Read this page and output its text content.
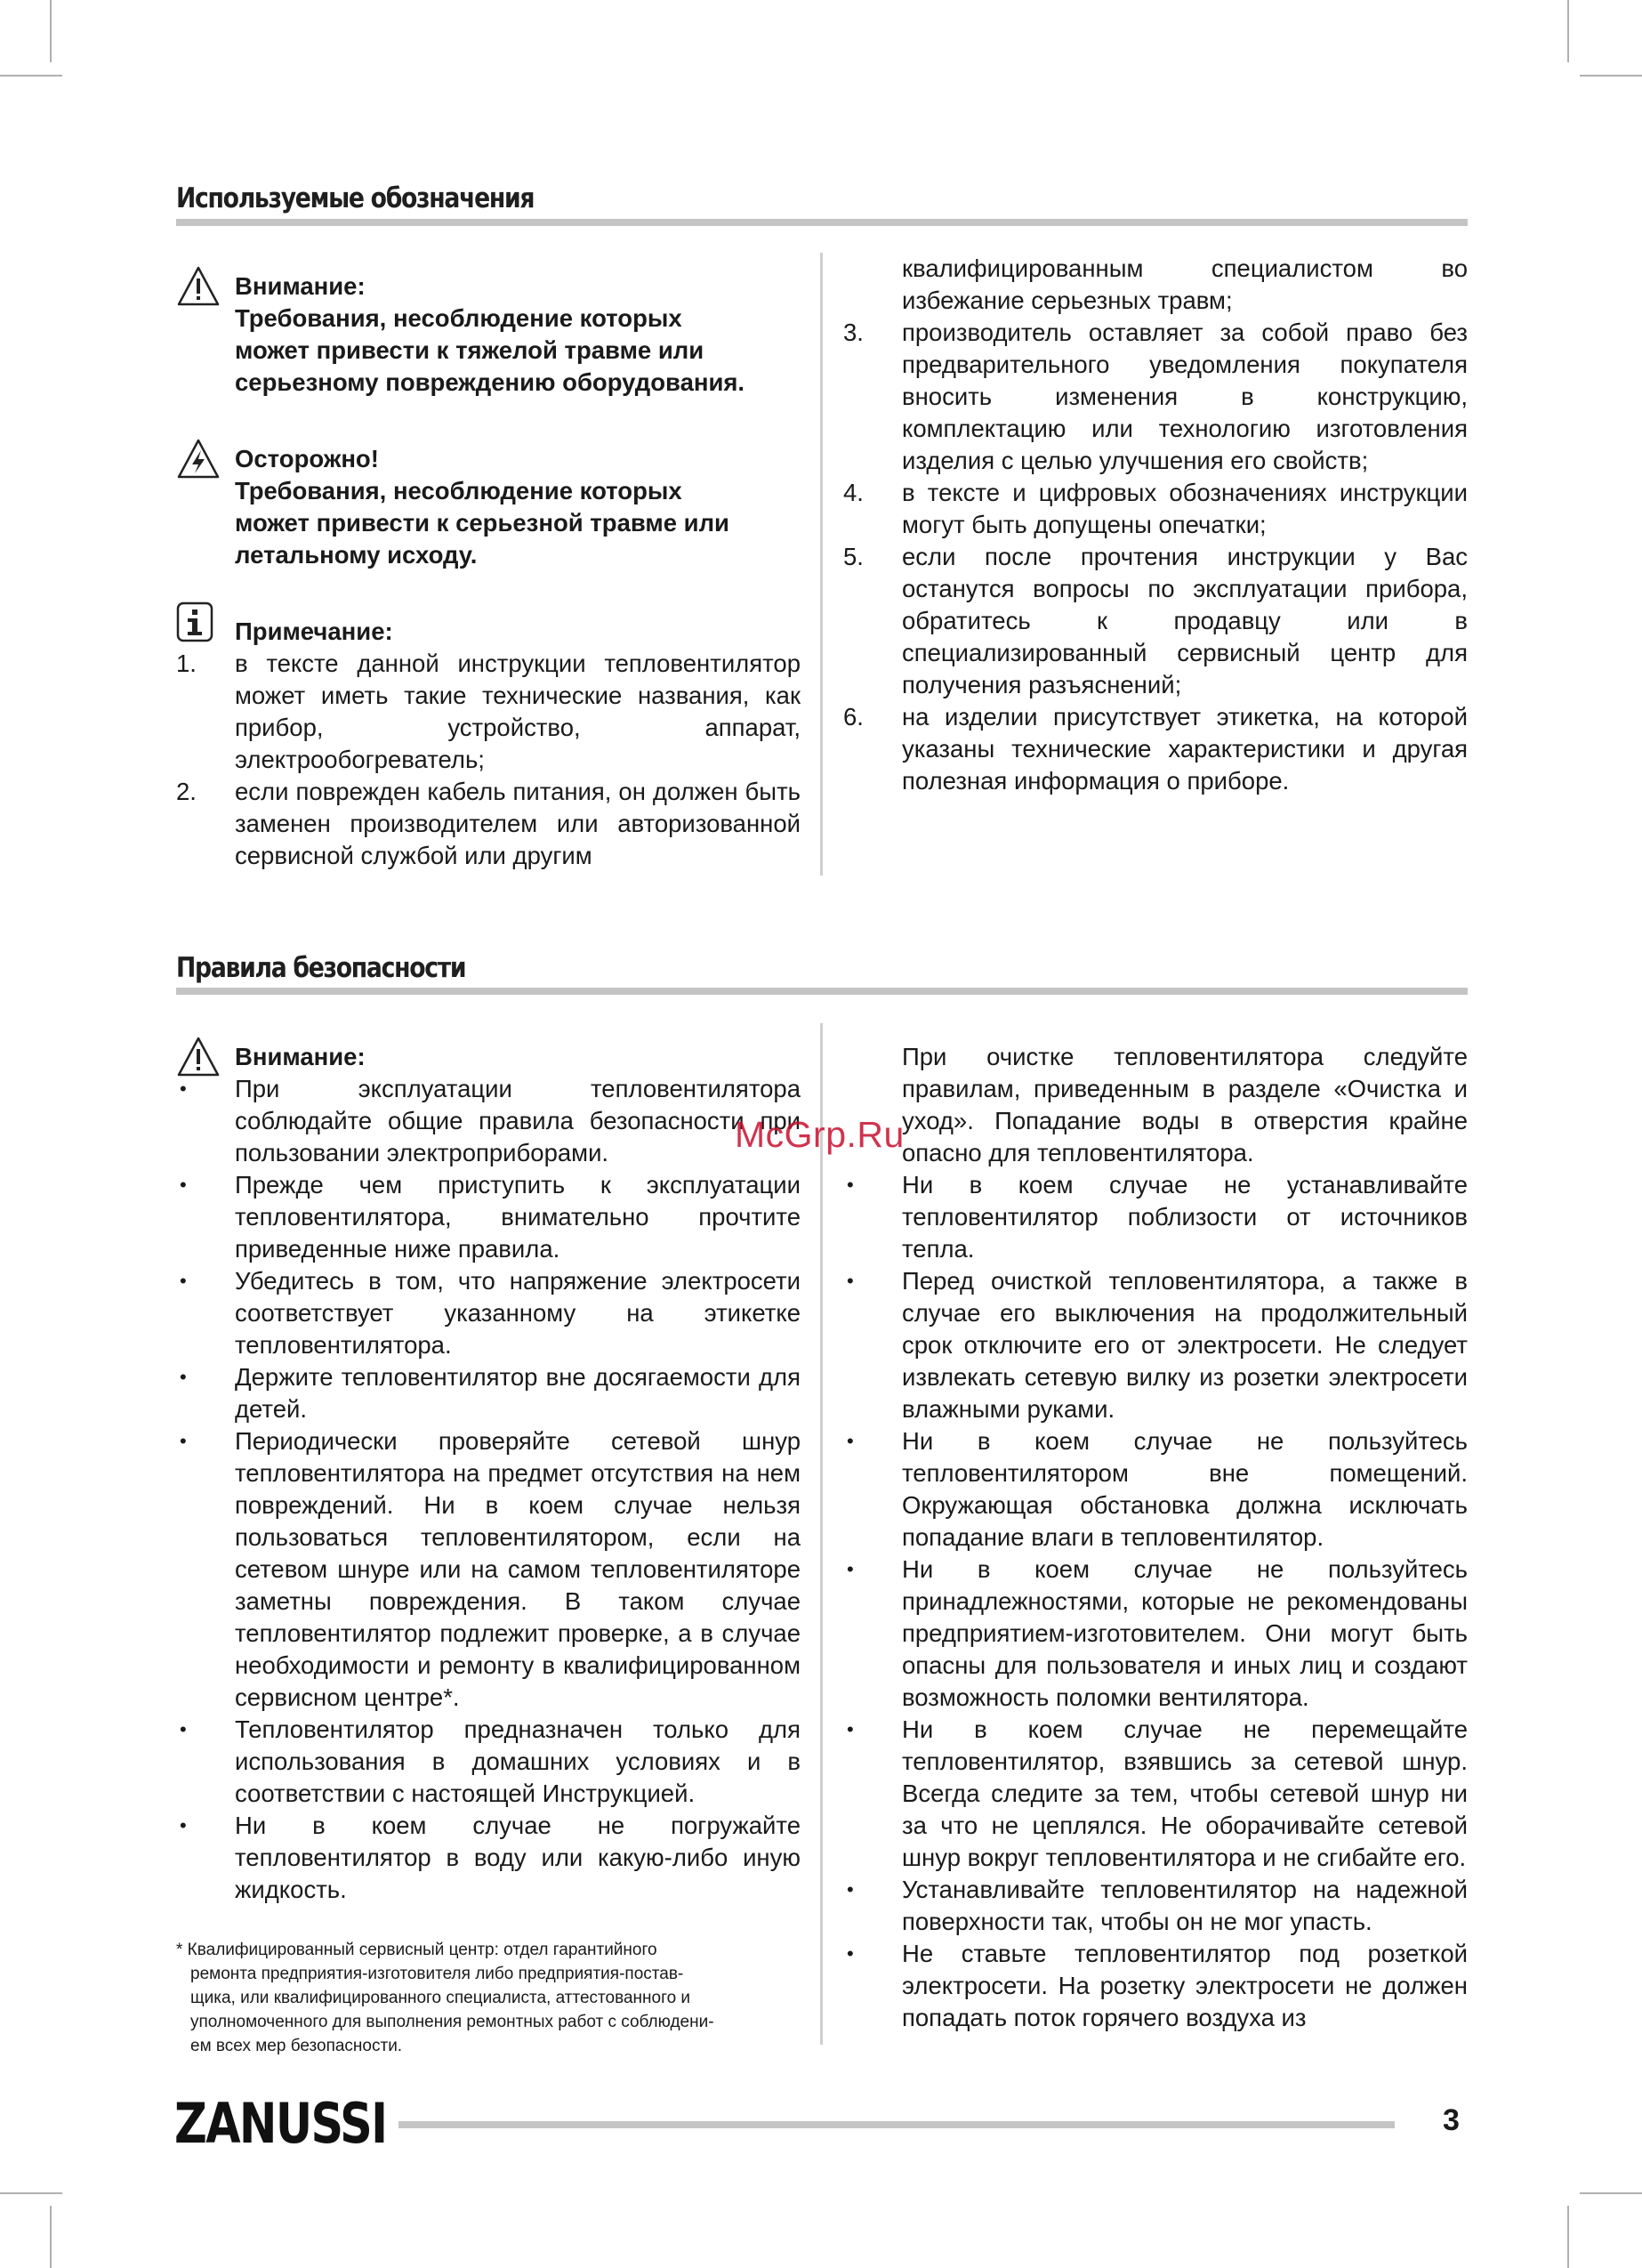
Используемые обозначения

Внимание:

Требования, несоблюдение которых

может привести к тяжелой травме или

серьезному повреждению оборудования.

Осторожно!

Требования, несоблюдение которых

может привести к серьезной травме или

летальному исходу.

Примечание:

1. в тексте данной инструкции тепловентилятор может иметь такие технические названия, как прибор, устройство, аппарат, электрообогреватель;
2. если поврежден кабель питания, он должен быть заменен производителем или авторизованной сервисной службой или другим

квалифицированным специалистом во избежание серьезных травм;

3. производитель оставляет за собой право без предварительного уведомления покупателя вносить изменения в конструкцию, комплектацию или технологию изготовления изделия с целью улучшения его свойств;
4. в тексте и цифровых обозначениях инструкции могут быть допущены опечатки;
5. если после прочтения инструкции у Вас останутся вопросы по эксплуатации прибора, обратитесь к продавцу или в специализированный сервисный центр для получения разъяснений;
6. на изделии присутствует этикетка, на которой указаны технические характеристики и другая полезная информация о приборе.
Правила безопасности

Внимание:

• При эксплуатации тепловентилятора соблюдайте общие правила безопасности при пользовании электроприборами.
• Прежде чем приступить к эксплуатации тепловентилятора, внимательно прочтите приведенные ниже правила.
• Убедитесь в том, что напряжение электросети соответствует указанному на этикетке тепловентилятора.
• Держите тепловентилятор вне досягаемости для детей.
• Периодически проверяйте сетевой шнур тепловентилятора на предмет отсутствия на нем повреждений. Ни в коем случае нельзя пользоваться тепловентилятором, если на сетевом шнуре или на самом тепловентиляторе заметны повреждения. В таком случае тепловентилятор подлежит проверке, а в случае необходимости и ремонту в квалифицированном сервисном центре*.
• Тепловентилятор предназначен только для использования в домашних условиях и в соответствии с настоящей Инструкцией.
• Ни в коем случае не погружайте тепловентилятор в воду или какую-либо иную жидкость.

* Квалифицированный сервисный центр: отдел гарантийного
ремонта предприятия-изготовителя либо предприятия-постав-
щика, или квалифицированного специалиста, аттестованного и
уполномоченного для выполнения ремонтных работ с соблюдени-
ем всех мер безопасности.

При очистке тепловентилятора следуйте правилам, приведенным в разделе «Очистка и уход». Попадание воды в отверстия крайне опасно для тепловентилятора.

• Ни в коем случае не устанавливайте тепловентилятор поблизости от источников тепла.
• Перед очисткой тепловентилятора, а также в случае его выключения на продолжительный срок отключите его от электросети. Не следует извлекать сетевую вилку из розетки электросети влажными руками.
• Ни в коем случае не пользуйтесь тепловентилятором вне помещений. Окружающая обстановка должна исключать попадание влаги в тепловентилятор.
• Ни в коем случае не пользуйтесь принадлежностями, которые не рекомендованы предприятием-изготовителем. Они могут быть опасны для пользователя и иных лиц и создают возможность поломки вентилятора.
• Ни в коем случае не перемещайте тепловентилятор, взявшись за сетевой шнур. Всегда следите за тем, чтобы сетевой шнур ни за что не цеплялся. Не оборачивайте сетевой шнур вокруг тепловентилятора и не сгибайте его.
• Устанавливайте тепловентилятор на надежной поверхности так, чтобы он не мог упасть.
• Не ставьте тепловентилятор под розеткой электросети. На розетку электросети не должен попадать поток горячего воздуха из
McGrp.Ru
ZANUSSI	3
